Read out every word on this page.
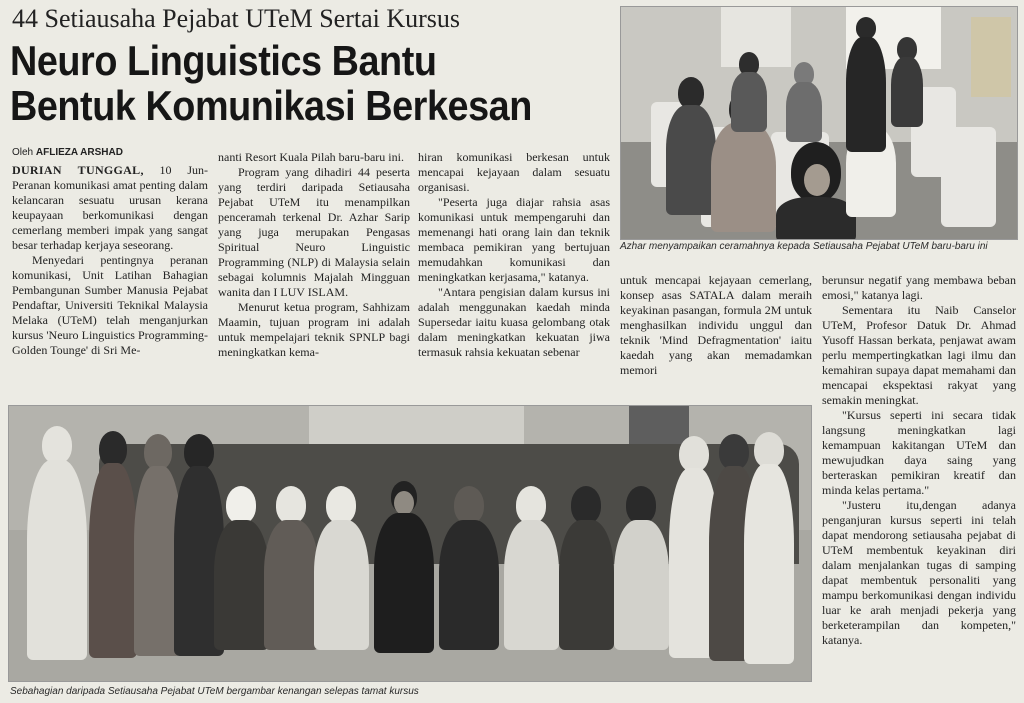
44 Setiausaha Pejabat UTeM Sertai Kursus
Neuro Linguistics Bantu
Bentuk Komunikasi Berkesan
Oleh AFLIEZA ARSHAD

DURIAN TUNGGAL, 10 Jun- Peranan komunikasi amat penting dalam kelancaran sesuatu urusan kerana keupayaan berkomunikasi dengan cemerlang memberi impak yang sangat besar terhadap kerjaya seseorang.

Menyedari pentingnya peranan komunikasi, Unit Latihan Bahagian Pembangunan Sumber Manusia Pejabat Pendaftar, Universiti Teknikal Malaysia Melaka (UTeM) telah menganjurkan kursus 'Neuro Linguistics Programming-Golden Tounge' di Sri Me-

nanti Resort Kuala Pilah baru-baru ini.

Program yang dihadiri 44 peserta yang terdiri daripada Setiausaha Pejabat UTeM itu menampilkan penceramah terkenal Dr. Azhar Sarip yang juga merupakan Pengasas Spiritual Neuro Linguistic Programming (NLP) di Malaysia selain sebagai kolumnis Majalah Mingguan wanita dan I LUV ISLAM.

Menurut ketua program, Sahhizam Maamin, tujuan program ini adalah untuk mempelajari teknik SPNLP bagi meningkatkan kema-

hiran komunikasi berkesan untuk mencapai kejayaan dalam sesuatu organisasi.

"Peserta juga diajar rahsia asas komunikasi untuk mempengaruhi dan memenangi hati orang lain dan teknik membaca pemikiran yang bertujuan memudahkan komunikasi dan meningkatkan kerjasama," katanya.

"Antara pengisian dalam kursus ini adalah menggunakan kaedah minda Supersedar iaitu kuasa gelombang otak dalam meningkatkan kekuatan jiwa termasuk rahsia kekuatan sebenar

Azhar menyampaikan ceramahnya kepada Setiausaha Pejabat UTeM baru-baru ini

untuk mencapai kejayaan cemerlang, konsep asas SATALA dalam meraih keyakinan pasangan, formula 2M untuk menghasilkan individu unggul dan teknik 'Mind Defragmentation' iaitu kaedah yang akan memadamkan memori

berunsur negatif yang membawa beban emosi," katanya lagi.

Sementara itu Naib Canselor UTeM, Profesor Datuk Dr. Ahmad Yusoff Hassan berkata, penjawat awam perlu mempertingkatkan lagi ilmu dan kemahiran supaya dapat memahami dan mencapai ekspektasi rakyat yang semakin meningkat.

"Kursus seperti ini secara tidak langsung meningkatkan lagi kemampuan kakitangan UTeM dan mewujudkan daya saing yang berteraskan pemikiran kreatif dan minda kelas pertama."

"Justeru itu,dengan adanya penganjuran kursus seperti ini telah dapat mendorong setiausaha pejabat di UTeM membentuk keyakinan diri dalam menjalankan tugas di samping dapat membentuk personaliti yang mampu berkomunikasi dengan individu luar ke arah menjadi pekerja yang berketerampilan dan kompeten," katanya.

Sebahagian daripada Setiausaha Pejabat UTeM bergambar kenangan selepas tamat kursus
